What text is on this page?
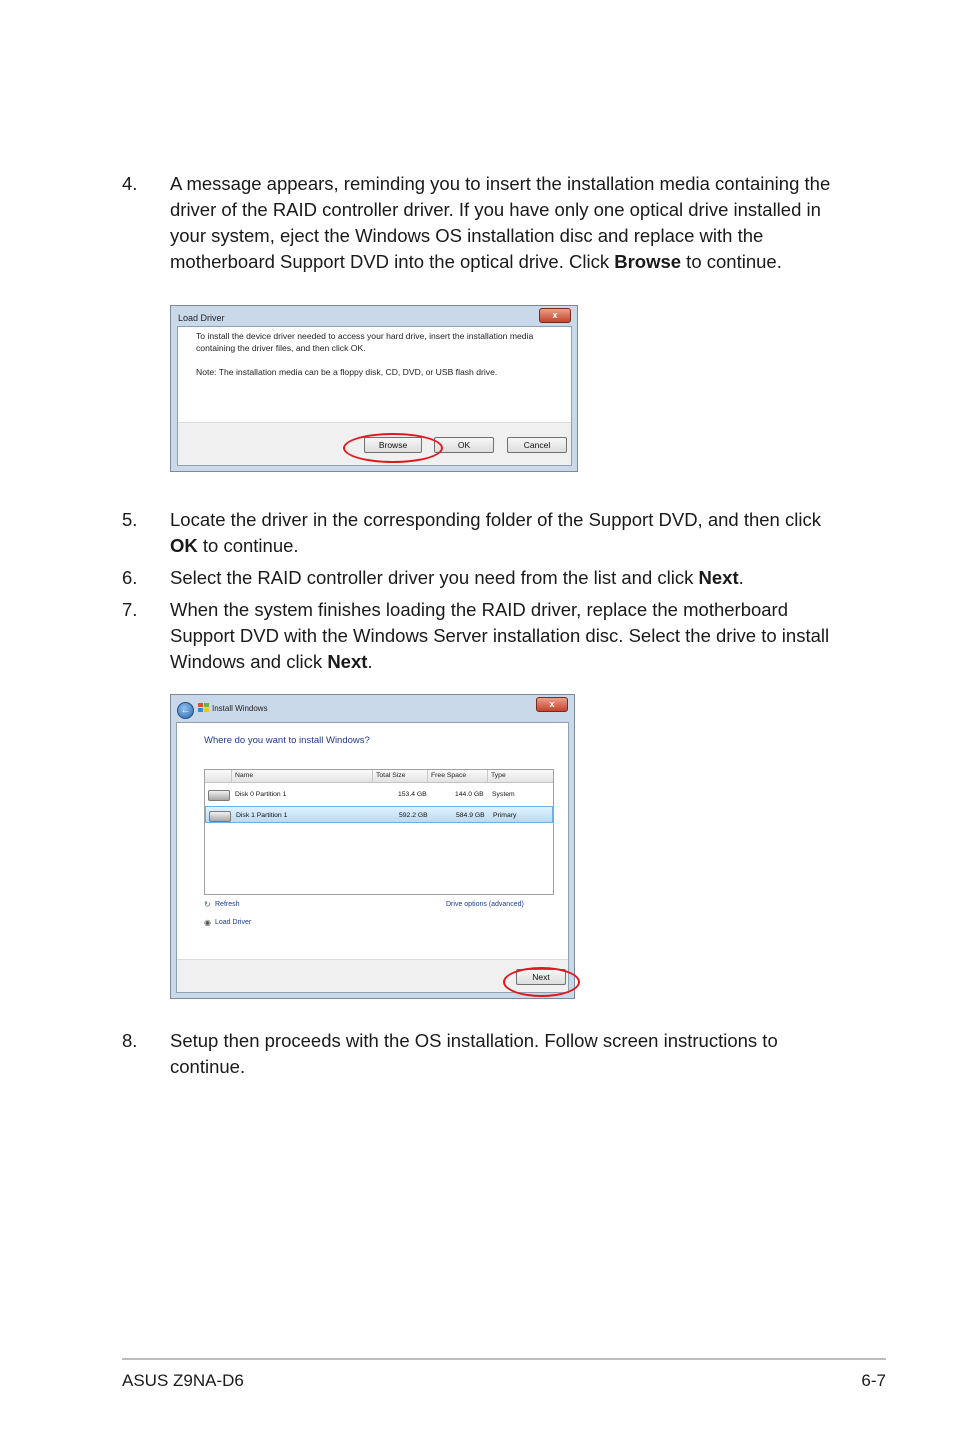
4.	A message appears, reminding you to insert the installation media containing the driver of the RAID controller driver. If you have only one optical drive installed in your system, eject the Windows OS installation disc and replace with the motherboard Support DVD into the optical drive. Click Browse to continue.
Load Driver	x
To install the device driver needed to access your hard drive, insert the installation media containing the driver files, and then click OK.
Note: The installation media can be a floppy disk, CD, DVD, or USB flash drive.
Browse	OK	Cancel
5.	Locate the driver in the corresponding folder of the Support DVD, and then click OK to continue.
6.	Select the RAID controller driver you need from the list and click Next.
7.	When the system finishes loading the RAID driver, replace the motherboard Support DVD with the Windows Server installation disc. Select the drive to install Windows and click Next.
←	Install Windows	x
Where do you want to install Windows?
Name	Total Size	Free Space	Type
Disk 0 Partition 1	153.4 GB	144.0 GB System
Disk 1 Partition 1	592.2 GB	584.9 GB Primary
↻ Refresh
◉ Load Driver
Drive options (advanced)
Next
8.	Setup then proceeds with the OS installation. Follow screen instructions to continue.
ASUS Z9NA-D6	6-7
